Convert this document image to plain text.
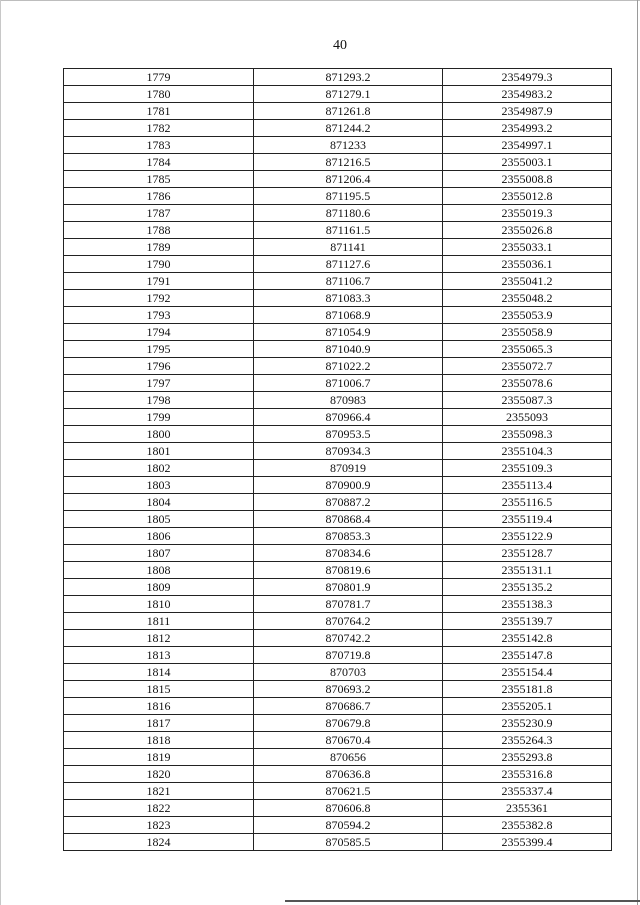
40
1779	871293.2	2354979.3
1780	871279.1	2354983.2
1781	871261.8	2354987.9
1782	871244.2	2354993.2
1783	871233	2354997.1
1784	871216.5	2355003.1
1785	871206.4	2355008.8
1786	871195.5	2355012.8
1787	871180.6	2355019.3
1788	871161.5	2355026.8
1789	871141	2355033.1
1790	871127.6	2355036.1
1791	871106.7	2355041.2
1792	871083.3	2355048.2
1793	871068.9	2355053.9
1794	871054.9	2355058.9
1795	871040.9	2355065.3
1796	871022.2	2355072.7
1797	871006.7	2355078.6
1798	870983	2355087.3
1799	870966.4	2355093
1800	870953.5	2355098.3
1801	870934.3	2355104.3
1802	870919	2355109.3
1803	870900.9	2355113.4
1804	870887.2	2355116.5
1805	870868.4	2355119.4
1806	870853.3	2355122.9
1807	870834.6	2355128.7
1808	870819.6	2355131.1
1809	870801.9	2355135.2
1810	870781.7	2355138.3
1811	870764.2	2355139.7
1812	870742.2	2355142.8
1813	870719.8	2355147.8
1814	870703	2355154.4
1815	870693.2	2355181.8
1816	870686.7	2355205.1
1817	870679.8	2355230.9
1818	870670.4	2355264.3
1819	870656	2355293.8
1820	870636.8	2355316.8
1821	870621.5	2355337.4
1822	870606.8	2355361
1823	870594.2	2355382.8
1824	870585.5	2355399.4
